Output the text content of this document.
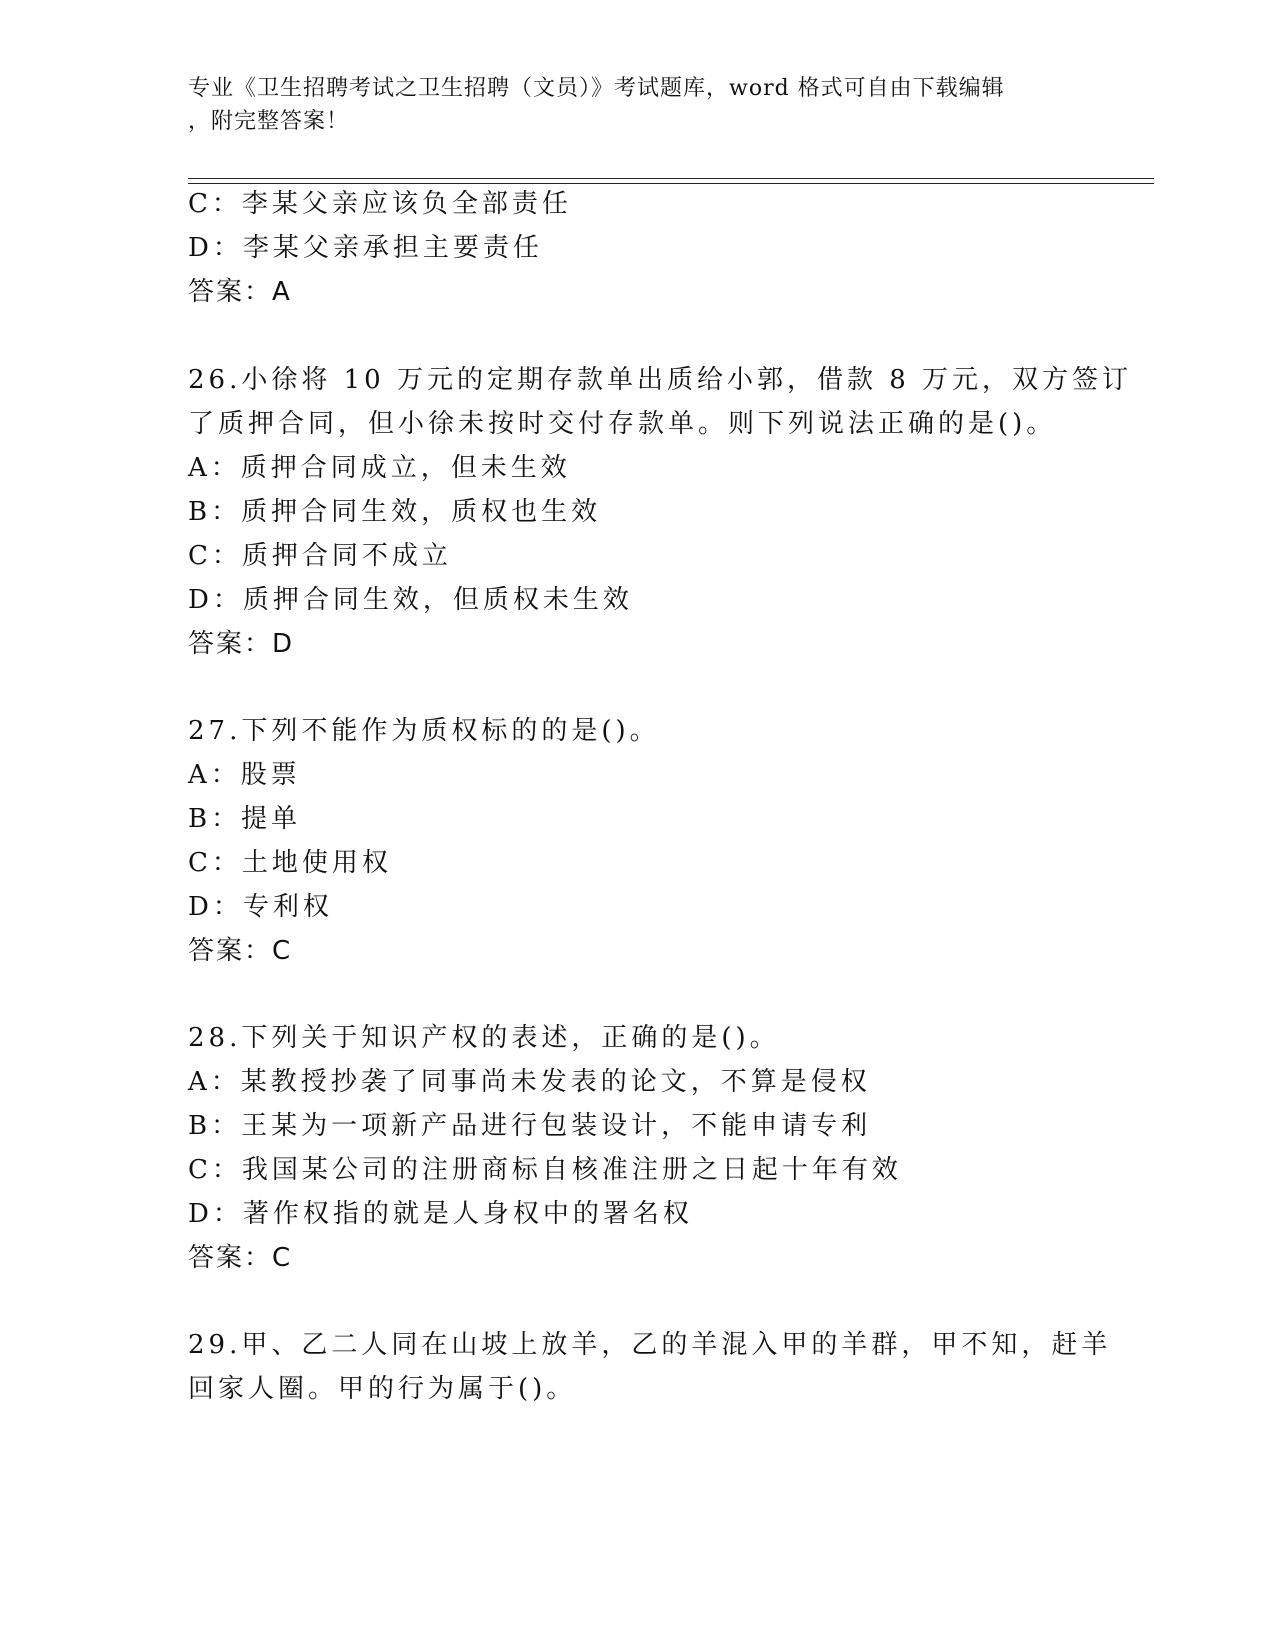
专业《卫生招聘考试之卫生招聘（文员）》考试题库，word 格式可自由下载编辑
，附完整答案！
C：李某父亲应该负全部责任
D：李某父亲承担主要责任
答案：A
26.小徐将 10 万元的定期存款单出质给小郭，借款 8 万元，双方签订
了质押合同，但小徐未按时交付存款单。则下列说法正确的是()。
A：质押合同成立，但未生效
B：质押合同生效，质权也生效
C：质押合同不成立
D：质押合同生效，但质权未生效
答案：D
27.下列不能作为质权标的的是()。
A：股票
B：提单
C：土地使用权
D：专利权
答案：C
28.下列关于知识产权的表述，正确的是()。
A：某教授抄袭了同事尚未发表的论文，不算是侵权
B：王某为一项新产品进行包装设计，不能申请专利
C：我国某公司的注册商标自核准注册之日起十年有效
D：著作权指的就是人身权中的署名权
答案：C
29.甲、乙二人同在山坡上放羊，乙的羊混入甲的羊群，甲不知，赶羊
回家人圈。甲的行为属于()。
